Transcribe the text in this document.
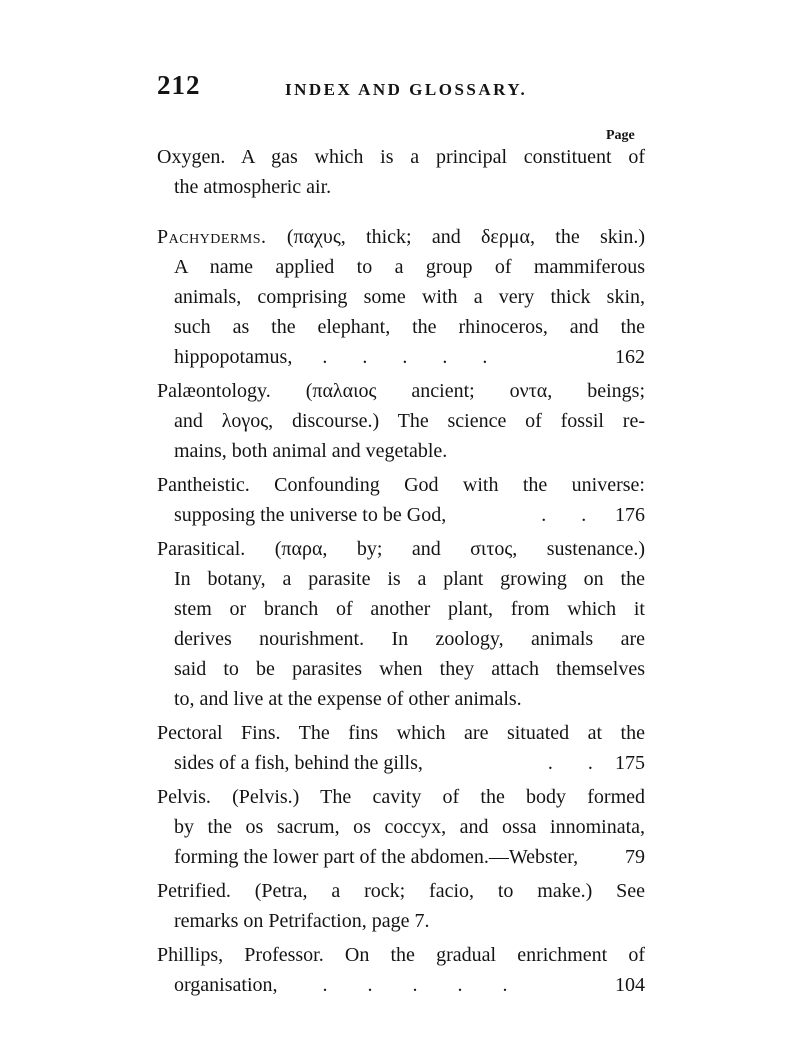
212	INDEX AND GLOSSARY.
Page
Oxygen. A gas which is a principal constituent of
the atmospheric air.
Pachyderms. (παχυς, thick; and δερμα, the skin.)
A name applied to a group of mammiferous
animals, comprising some with a very thick skin,
such as the elephant, the rhinoceros, and the
hippopotamus,      .       .       .       .       .	162
Palæontology. (παλαιος ancient; οντα, beings;
and λογος, discourse.) The science of fossil re-
mains, both animal and vegetable.
Pantheistic. Confounding God with the universe:
supposing the universe to be God,                   .       . 176
Parasitical. (παρα, by; and σιτος, sustenance.)
In botany, a parasite is a plant growing on the
stem or branch of another plant, from which it
derives nourishment. In zoology, animals are
said to be parasites when they attach themselves
to, and live at the expense of other animals.
Pectoral Fins. The fins which are situated at the
sides of a fish, behind the gills,                         .       . 175
Pelvis. (Pelvis.) The cavity of the body formed
by the os sacrum, os coccyx, and ossa innominata,
forming the lower part of the abdomen.—Webster, 79
Petrified. (Petra, a rock; facio, to make.) See
remarks on Petrifaction, page 7.
Phillips, Professor. On the gradual enrichment of
organisation,         .        .        .        .        .	104
